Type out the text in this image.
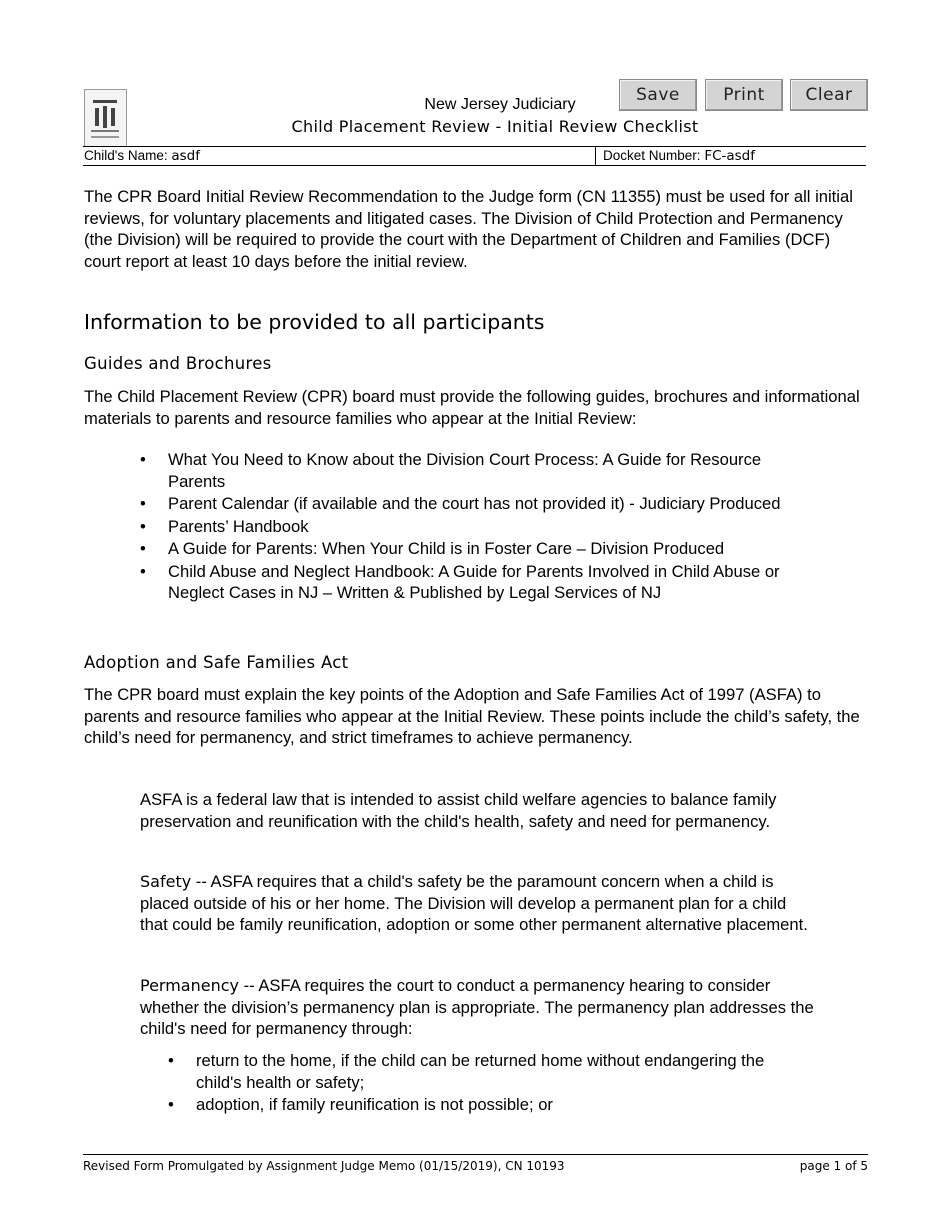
Save	Print	Clear
New Jersey Judiciary
Child Placement Review - Initial Review Checklist
Child's Name: asdf	Docket Number: FC-asdf

The CPR Board Initial Review Recommendation to the Judge form (CN 11355) must be used for all initial reviews, for voluntary placements and litigated cases. The Division of Child Protection and Permanency (the Division) will be required to provide the court with the Department of Children and Families (DCF) court report at least 10 days before the initial review.

Information to be provided to all participants
Guides and Brochures

The Child Placement Review (CPR) board must provide the following guides, brochures and informational materials to parents and resource families who appear at the Initial Review:

• What You Need to Know about the Division Court Process: A Guide for Resource Parents
• Parent Calendar (if available and the court has not provided it) - Judiciary Produced
• Parents’ Handbook
• A Guide for Parents: When Your Child is in Foster Care – Division Produced
• Child Abuse and Neglect Handbook: A Guide for Parents Involved in Child Abuse or Neglect Cases in NJ – Written & Published by Legal Services of NJ
Adoption and Safe Families Act

The CPR board must explain the key points of the Adoption and Safe Families Act of 1997 (ASFA) to parents and resource families who appear at the Initial Review. These points include the child’s safety, the child’s need for permanency, and strict timeframes to achieve permanency.

ASFA is a federal law that is intended to assist child welfare agencies to balance family preservation and reunification with the child's health, safety and need for permanency.

Safety -- ASFA requires that a child's safety be the paramount concern when a child is placed outside of his or her home. The Division will develop a permanent plan for a child that could be family reunification, adoption or some other permanent alternative placement.

Permanency -- ASFA requires the court to conduct a permanency hearing to consider whether the division’s permanency plan is appropriate. The permanency plan addresses the child's need for permanency through:

• return to the home, if the child can be returned home without endangering the child's health or safety;
• adoption, if family reunification is not possible; or
Revised Form Promulgated by Assignment Judge Memo (01/15/2019), CN 10193	page 1 of 5
